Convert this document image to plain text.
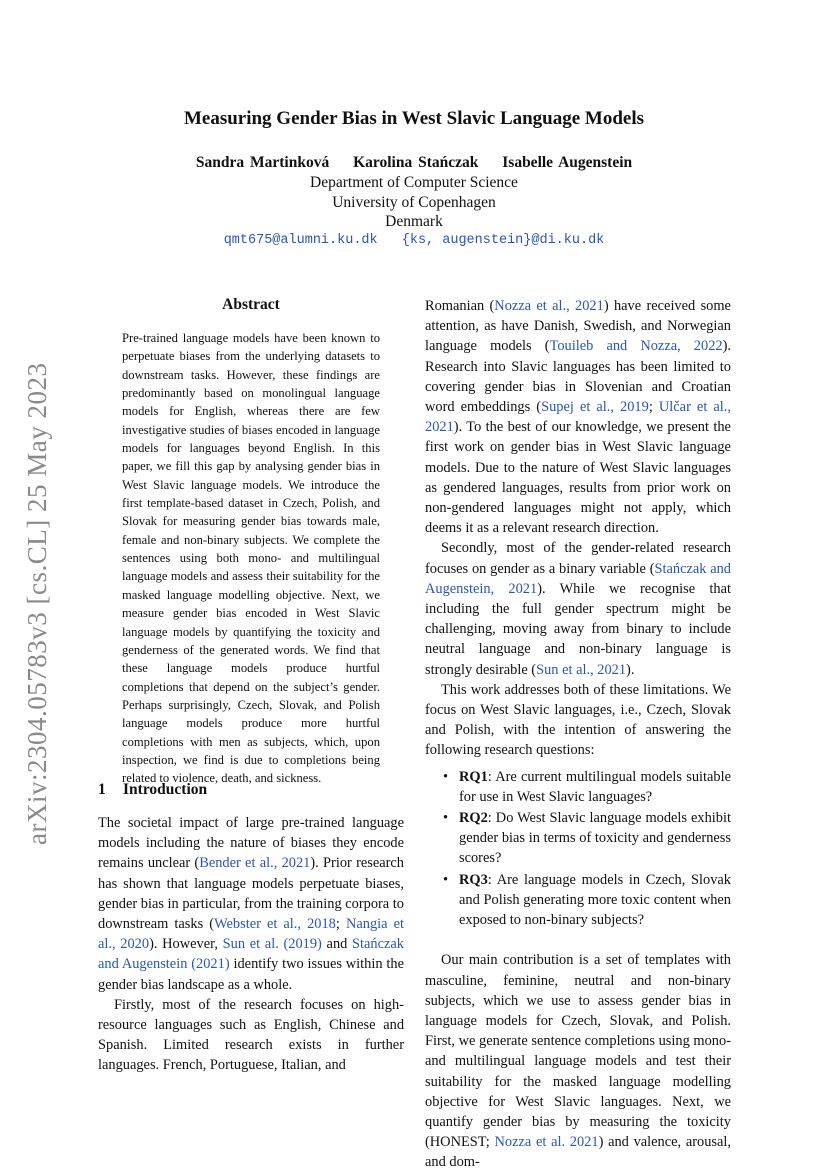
Measuring Gender Bias in West Slavic Language Models
Sandra Martinková Karolina Stańczak Isabelle Augenstein
Department of Computer Science
University of Copenhagen
Denmark
qmt675@alumni.ku.dk {ks, augenstein}@di.ku.dk
arXiv:2304.05783v3 [cs.CL] 25 May 2023
Abstract
Pre-trained language models have been known to perpetuate biases from the underlying datasets to downstream tasks. However, these findings are predominantly based on monolingual language models for English, whereas there are few investigative studies of biases encoded in language models for languages beyond English. In this paper, we fill this gap by analysing gender bias in West Slavic language models. We introduce the first template-based dataset in Czech, Polish, and Slovak for measuring gender bias towards male, female and non-binary subjects. We complete the sentences using both mono- and multilingual language models and assess their suitability for the masked language modelling objective. Next, we measure gender bias encoded in West Slavic language models by quantifying the toxicity and genderness of the generated words. We find that these language models produce hurtful completions that depend on the subject’s gender. Perhaps surprisingly, Czech, Slovak, and Polish language models produce more hurtful completions with men as subjects, which, upon inspection, we find is due to completions being related to violence, death, and sickness.
1 Introduction

The societal impact of large pre-trained language models including the nature of biases they encode remains unclear (Bender et al., 2021). Prior research has shown that language models perpetuate biases, gender bias in particular, from the training corpora to downstream tasks (Webster et al., 2018; Nangia et al., 2020). However, Sun et al. (2019) and Stańczak and Augenstein (2021) identify two issues within the gender bias landscape as a whole.

Firstly, most of the research focuses on high-resource languages such as English, Chinese and Spanish. Limited research exists in further languages. French, Portuguese, Italian, and

Romanian (Nozza et al., 2021) have received some attention, as have Danish, Swedish, and Norwegian language models (Touileb and Nozza, 2022). Research into Slavic languages has been limited to covering gender bias in Slovenian and Croatian word embeddings (Supej et al., 2019; Ulčar et al., 2021). To the best of our knowledge, we present the first work on gender bias in West Slavic language models. Due to the nature of West Slavic languages as gendered languages, results from prior work on non-gendered languages might not apply, which deems it as a relevant research direction.

Secondly, most of the gender-related research focuses on gender as a binary variable (Stańczak and Augenstein, 2021). While we recognise that including the full gender spectrum might be challenging, moving away from binary to include neutral language and non-binary language is strongly desirable (Sun et al., 2021).

This work addresses both of these limitations. We focus on West Slavic languages, i.e., Czech, Slovak and Polish, with the intention of answering the following research questions:

• RQ1: Are current multilingual models suitable for use in West Slavic languages?
• RQ2: Do West Slavic language models exhibit gender bias in terms of toxicity and genderness scores?
• RQ3: Are language models in Czech, Slovak and Polish generating more toxic content when exposed to non-binary subjects?

Our main contribution is a set of templates with masculine, feminine, neutral and non-binary subjects, which we use to assess gender bias in language models for Czech, Slovak, and Polish. First, we generate sentence completions using mono- and multilingual language models and test their suitability for the masked language modelling objective for West Slavic languages. Next, we quantify gender bias by measuring the toxicity (HONEST; Nozza et al. 2021) and valence, arousal, and dom-
